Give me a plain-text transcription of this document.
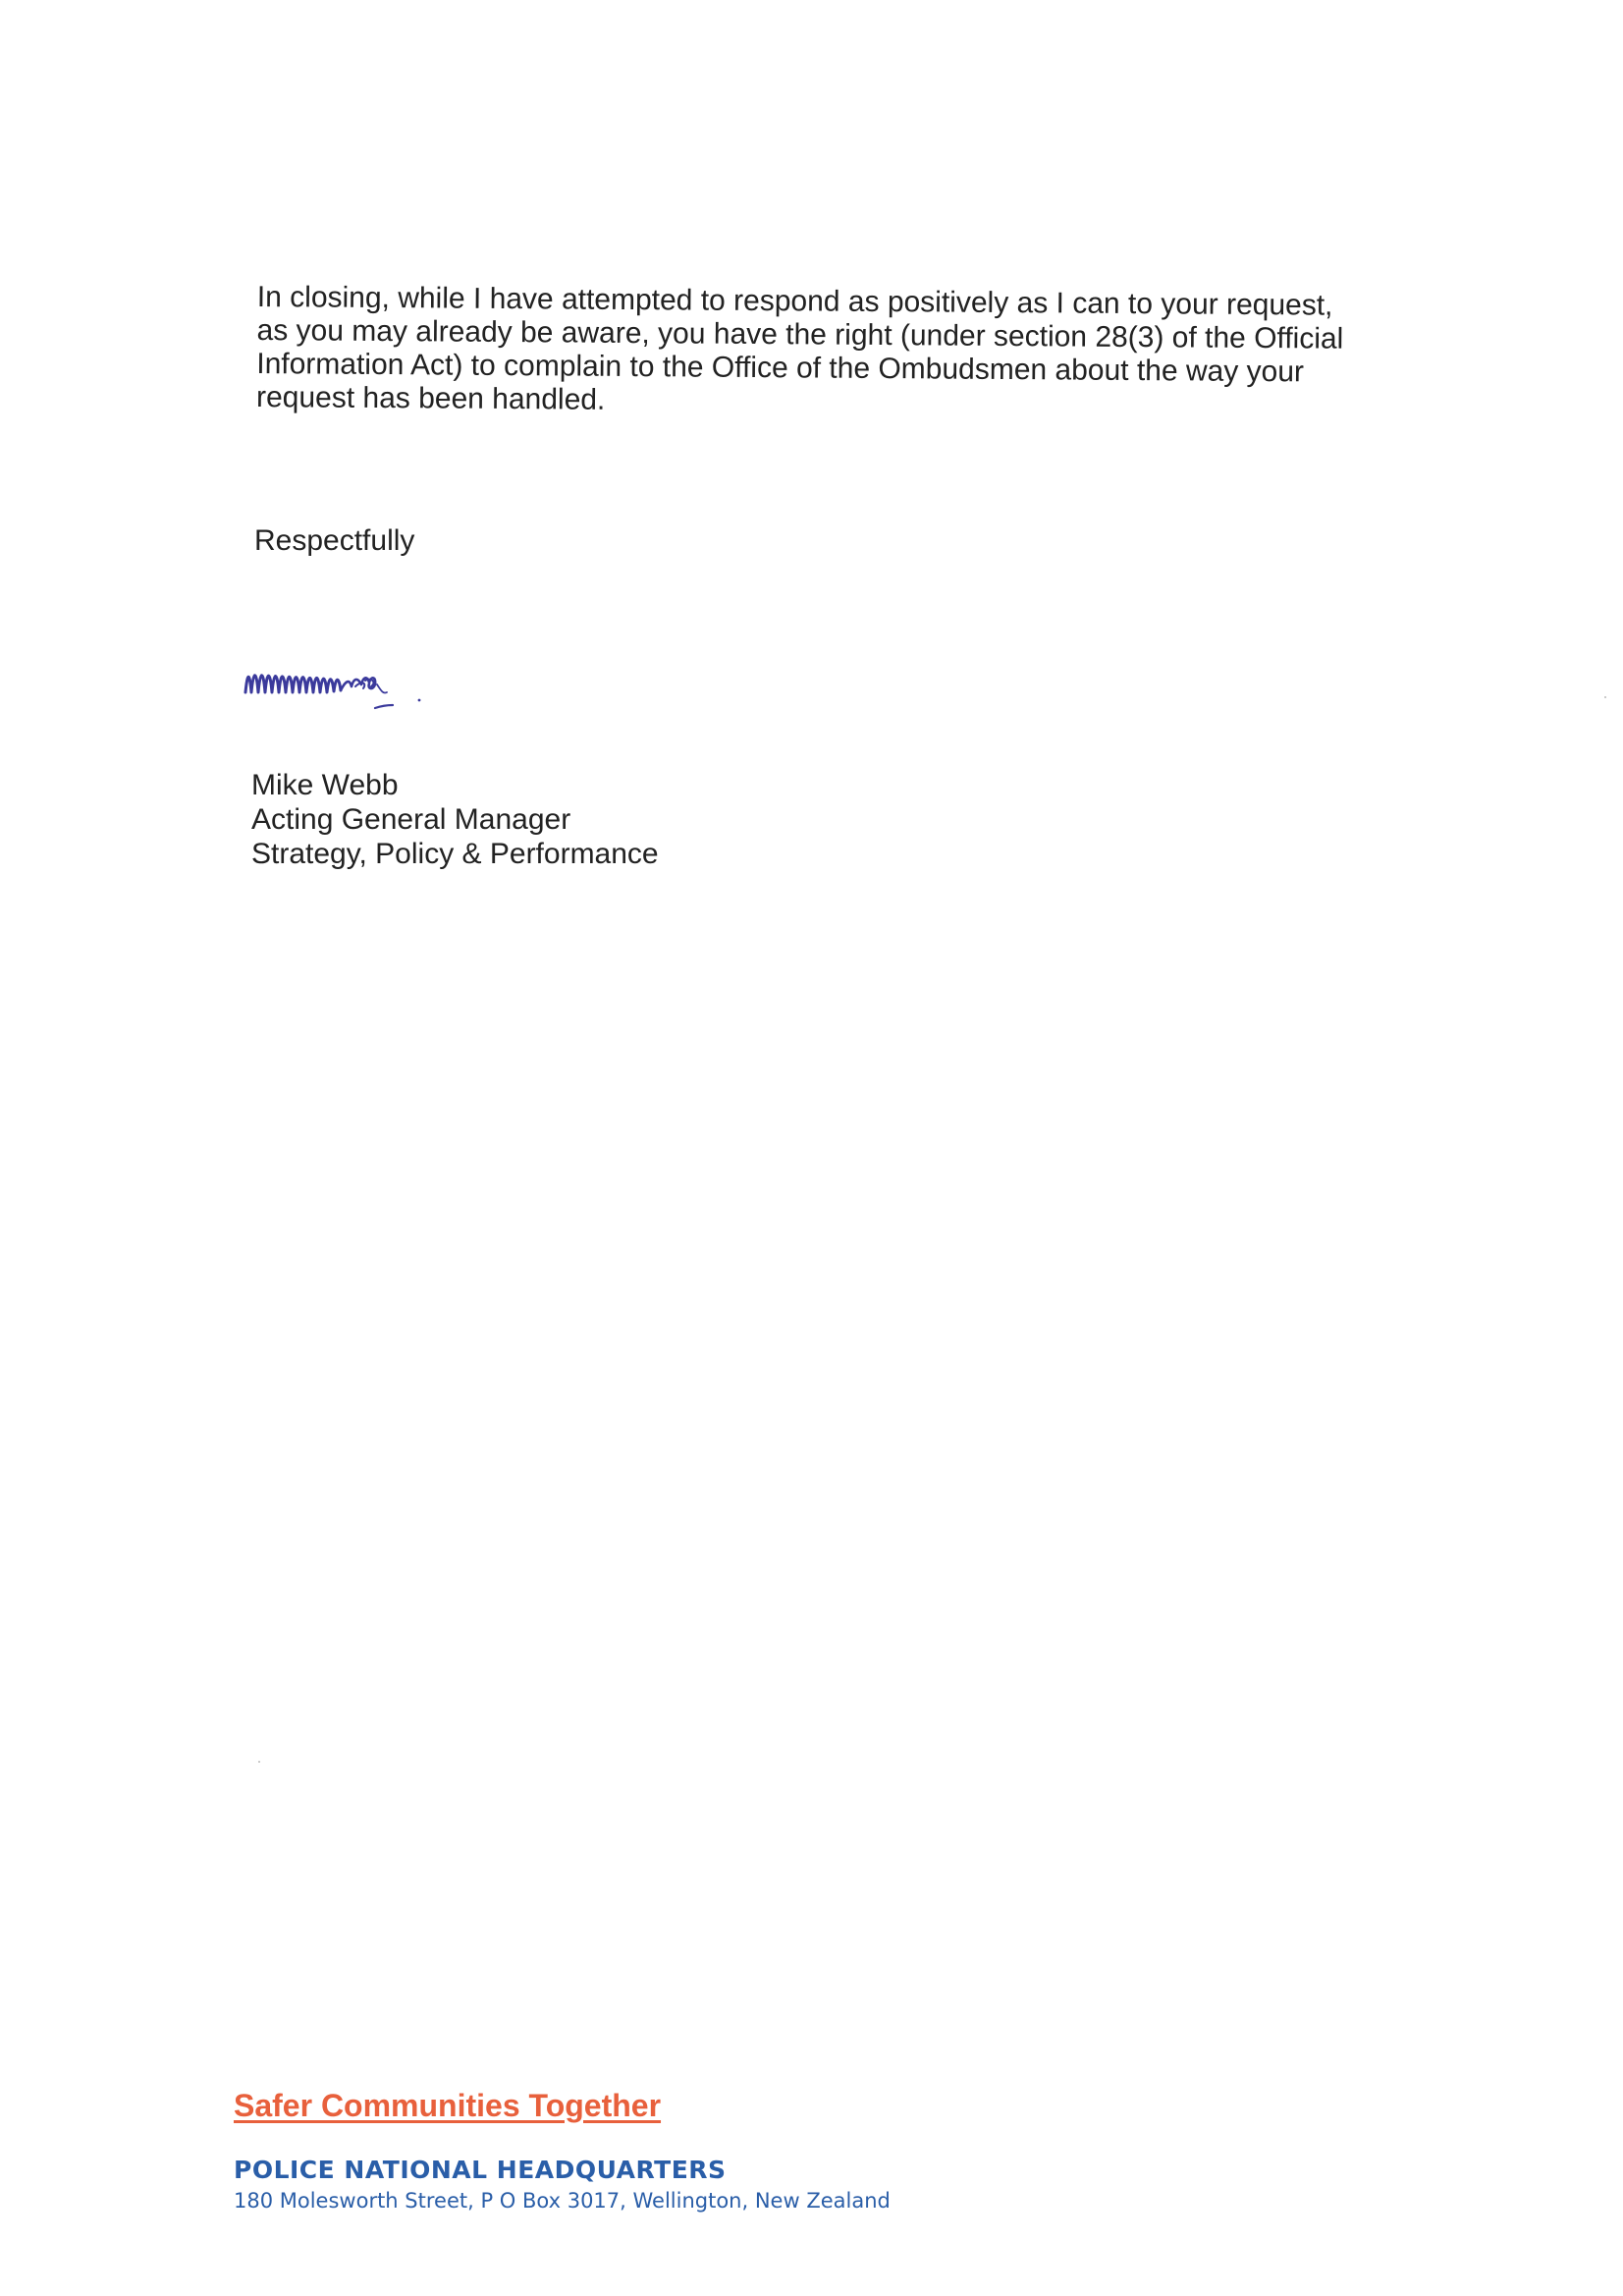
In closing, while I have attempted to respond as positively as I can to your request,
as you may already be aware, you have the right (under section 28(3) of the Official
Information Act) to complain to the Office of the Ombudsmen about the way your
request has been handled.

Respectfully

Mike Webb
Acting General Manager
Strategy, Policy & Performance
Safer Communities Together
POLICE NATIONAL HEADQUARTERS
180 Molesworth Street, P O Box 3017, Wellington, New Zealand
